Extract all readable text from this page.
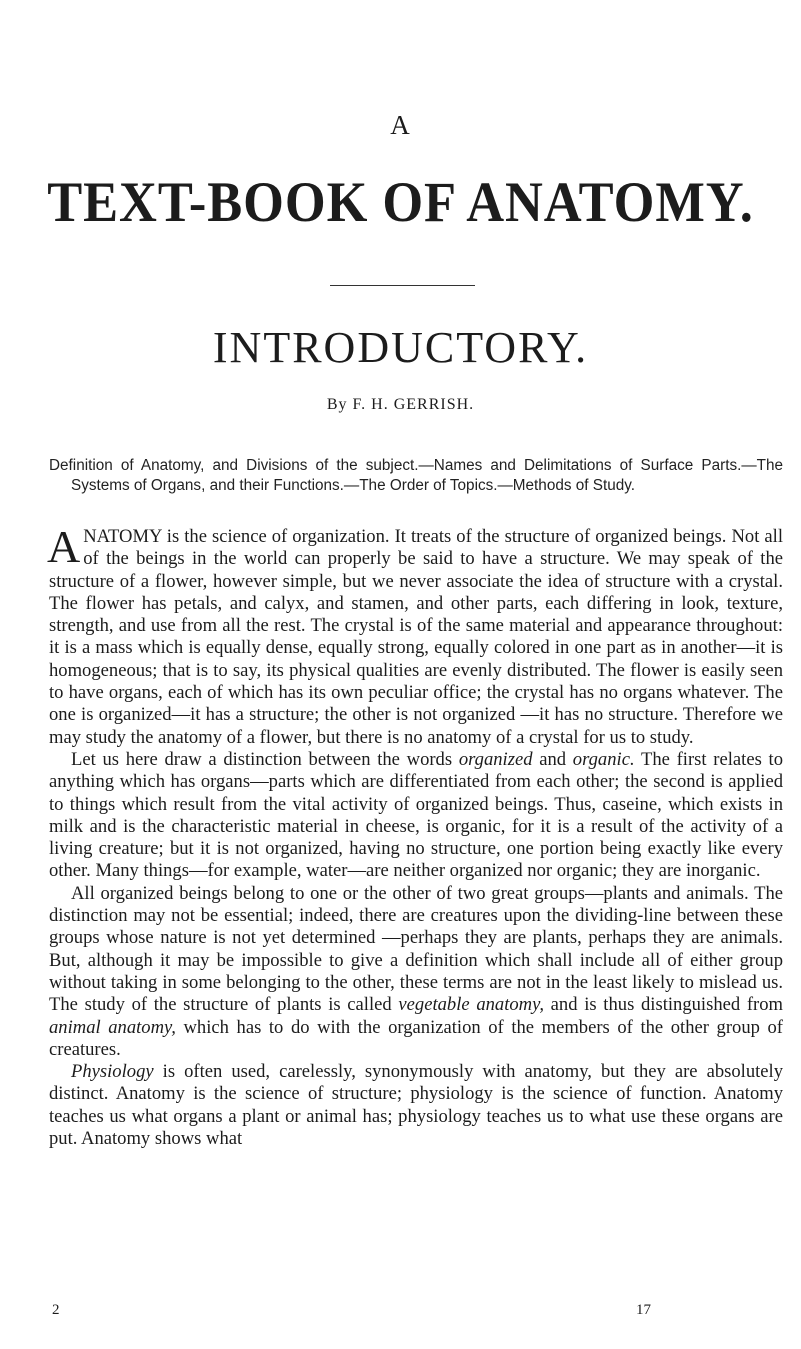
A
TEXT-BOOK OF ANATOMY.
INTRODUCTORY.
By F. H. GERRISH.
Definition of Anatomy, and Divisions of the subject.—Names and Delimitations of Surface Parts.—The Systems of Organs, and their Functions.—The Order of Topics.—Methods of Study.

ANATOMY is the science of organization. It treats of the structure of organized beings. Not all of the beings in the world can properly be said to have a structure. We may speak of the structure of a flower, however simple, but we never associate the idea of structure with a crystal. The flower has petals, and calyx, and stamen, and other parts, each differing in look, texture, strength, and use from all the rest. The crystal is of the same material and appearance throughout: it is a mass which is equally dense, equally strong, equally colored in one part as in another—it is homogeneous; that is to say, its physical qualities are evenly distributed. The flower is easily seen to have organs, each of which has its own peculiar office; the crystal has no organs whatever. The one is organized—it has a structure; the other is not organized —it has no structure. Therefore we may study the anatomy of a flower, but there is no anatomy of a crystal for us to study.

Let us here draw a distinction between the words organized and organic. The first relates to anything which has organs—parts which are differentiated from each other; the second is applied to things which result from the vital activity of organized beings. Thus, caseine, which exists in milk and is the characteristic material in cheese, is organic, for it is a result of the activity of a living creature; but it is not organized, having no structure, one portion being exactly like every other. Many things—for example, water—are neither organized nor organic; they are inorganic.

All organized beings belong to one or the other of two great groups—plants and animals. The distinction may not be essential; indeed, there are creatures upon the dividing-line between these groups whose nature is not yet determined —perhaps they are plants, perhaps they are animals. But, although it may be impossible to give a definition which shall include all of either group without taking in some belonging to the other, these terms are not in the least likely to mislead us. The study of the structure of plants is called vegetable anatomy, and is thus distinguished from animal anatomy, which has to do with the organization of the members of the other group of creatures.

Physiology is often used, carelessly, synonymously with anatomy, but they are absolutely distinct. Anatomy is the science of structure; physiology is the science of function. Anatomy teaches us what organs a plant or animal has; physiology teaches us to what use these organs are put. Anatomy shows what

2	17
